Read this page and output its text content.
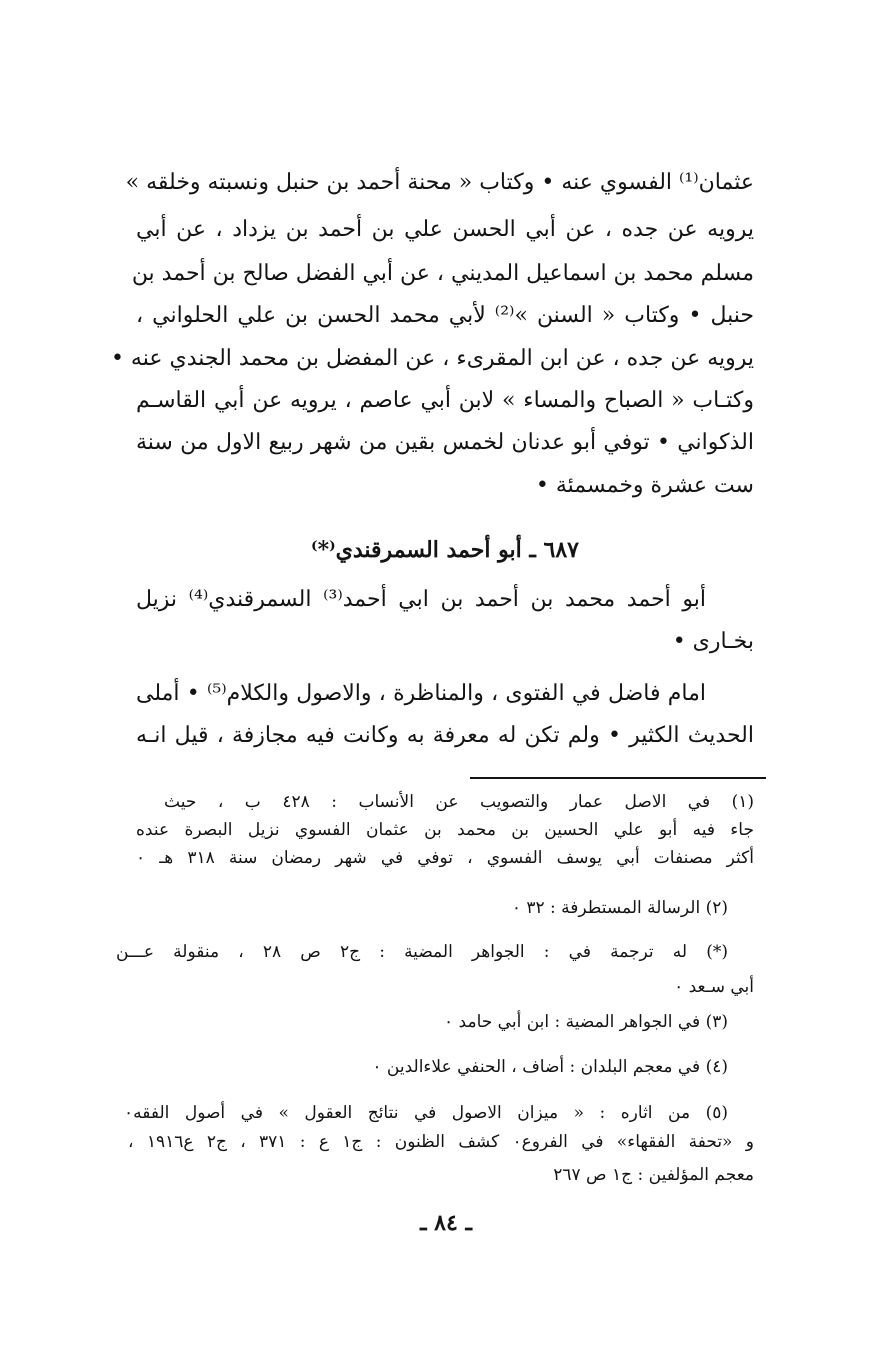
عثمان⁽¹⁾ الفسوي عنه • وكتاب « محنة أحمد بن حنبل ونسبته وخلقه »
يرويه عن جده ، عن أبي الحسن علي بن أحمد بن يزداد ، عن أبي
مسلم محمد بن اسماعيل المديني ، عن أبي الفضل صالح بن أحمد بن
حنبل • وكتاب « السنن »⁽²⁾ لأبي محمد الحسن بن علي الحلواني ،
يرويه عن جده ، عن ابن المقرىء ، عن المفضل بن محمد الجندي عنه •
وكتـاب « الصباح والمساء » لابن أبي عاصم ، يرويه عن أبي القاسـم
الذكواني • توفي أبو عدنان لخمس بقين من شهر ربيع الاول من سنة
ست عشرة وخمسمئة •
٦٨٧ ـ أبو أحمد السمرقندي⁽*⁾
أبو أحمد محمد بن أحمد بن ابي أحمد⁽³⁾ السمرقندي⁽⁴⁾ نزيل
بخـارى •
امام فاضل في الفتوى ، والمناظرة ، والاصول والكلام⁽⁵⁾ • أملى
الحديث الكثير • ولم تكن له معرفة به وكانت فيه مجازفة ، قيل انـه
(١) في الاصل عمار والتصويب عن الأنساب : ٤٢٨ ب ، حيث
جاء فيه أبو علي الحسين بن محمد بن عثمان الفسوي نزيل البصرة عنده
أكثر مصنفات أبي يوسف الفسوي ، توفي في شهر رمضان سنة ٣١٨ هـ ٠
(٢) الرسالة المستطرفة : ٣٢ ٠
(*) له ترجمة في : الجواهر المضية : ج٢ ص ٢٨ ، منقولة عـــن
أبي سـعد ٠
(٣) في الجواهر المضية : ابن أبي حامد ٠
(٤) في معجم البلدان : أضاف ، الحنفي علاءالدين ٠
(٥) من اثاره : « ميزان الاصول في نتائج العقول » في أصول الفقه٠
و «تحفة الفقهاء» في الفروع٠ كشف الظنون : ج١ ع : ٣٧١ ، ج٢ ع١٩١٦ ،
معجم المؤلفين : ج١ ص ٢٦٧
ـ ٨٤ ـ
